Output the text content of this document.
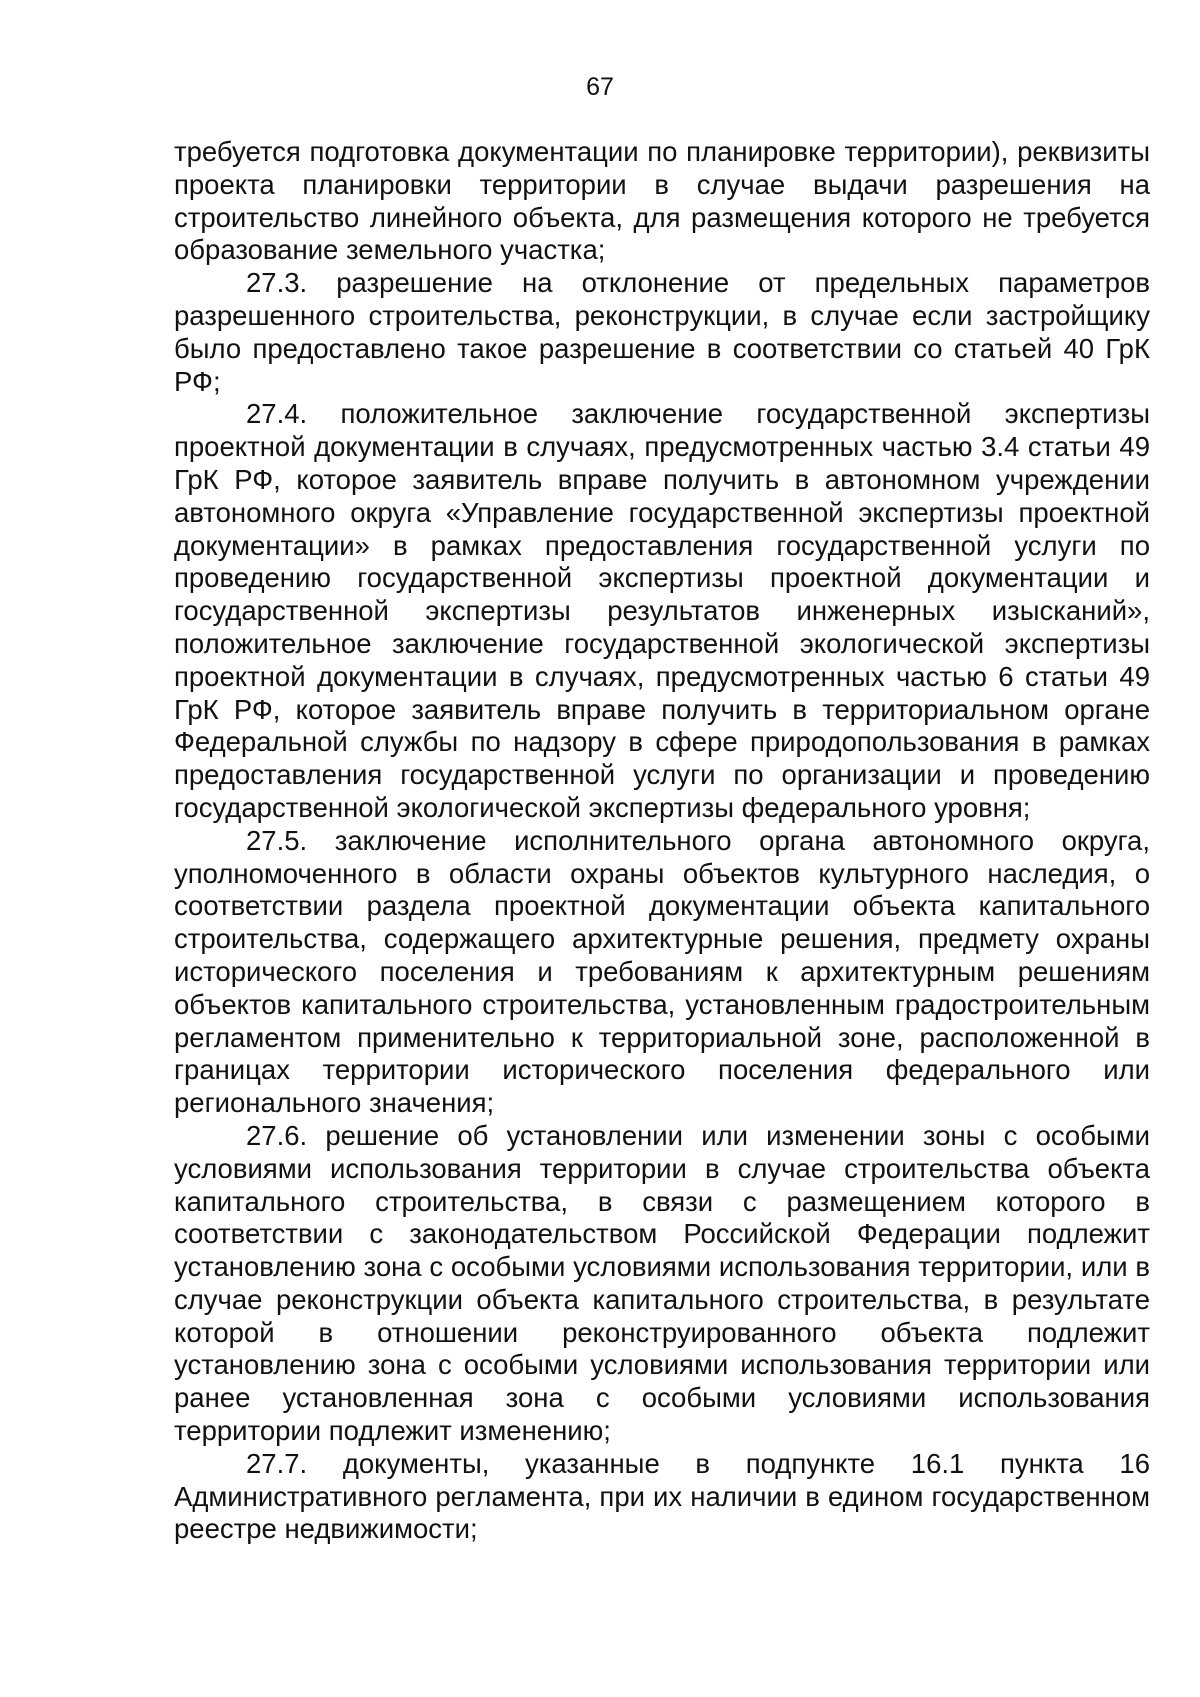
67

требуется подготовка документации по планировке территории), реквизиты проекта планировки территории в случае выдачи разрешения на строительство линейного объекта, для размещения которого не требуется образование земельного участка;

27.3. разрешение на отклонение от предельных параметров разрешенного строительства, реконструкции, в случае если застройщику было предоставлено такое разрешение в соответствии со статьей 40 ГрК РФ;

27.4. положительное заключение государственной экспертизы проектной документации в случаях, предусмотренных частью 3.4 статьи 49 ГрК РФ, которое заявитель вправе получить в автономном учреждении автономного округа «Управление государственной экспертизы проектной документации» в рамках предоставления государственной услуги по проведению государственной экспертизы проектной документации и государственной экспертизы результатов инженерных изысканий», положительное заключение государственной экологической экспертизы проектной документации в случаях, предусмотренных частью 6 статьи 49 ГрК РФ, которое заявитель вправе получить в территориальном органе Федеральной службы по надзору в сфере природопользования в рамках предоставления государственной услуги по организации и проведению государственной экологической экспертизы федерального уровня;

27.5. заключение исполнительного органа автономного округа, уполномоченного в области охраны объектов культурного наследия, о соответствии раздела проектной документации объекта капитального строительства, содержащего архитектурные решения, предмету охраны исторического поселения и требованиям к архитектурным решениям объектов капитального строительства, установленным градостроительным регламентом применительно к территориальной зоне, расположенной в границах территории исторического поселения федерального или регионального значения;

27.6. решение об установлении или изменении зоны с особыми условиями использования территории в случае строительства объекта капитального строительства, в связи с размещением которого в соответствии с законодательством Российской Федерации подлежит установлению зона с особыми условиями использования территории, или в случае реконструкции объекта капитального строительства, в результате которой в отношении реконструированного объекта подлежит установлению зона с особыми условиями использования территории или ранее установленная зона с особыми условиями использования территории подлежит изменению;

27.7. документы, указанные в подпункте 16.1 пункта 16 Административного регламента, при их наличии в едином государственном реестре недвижимости;
